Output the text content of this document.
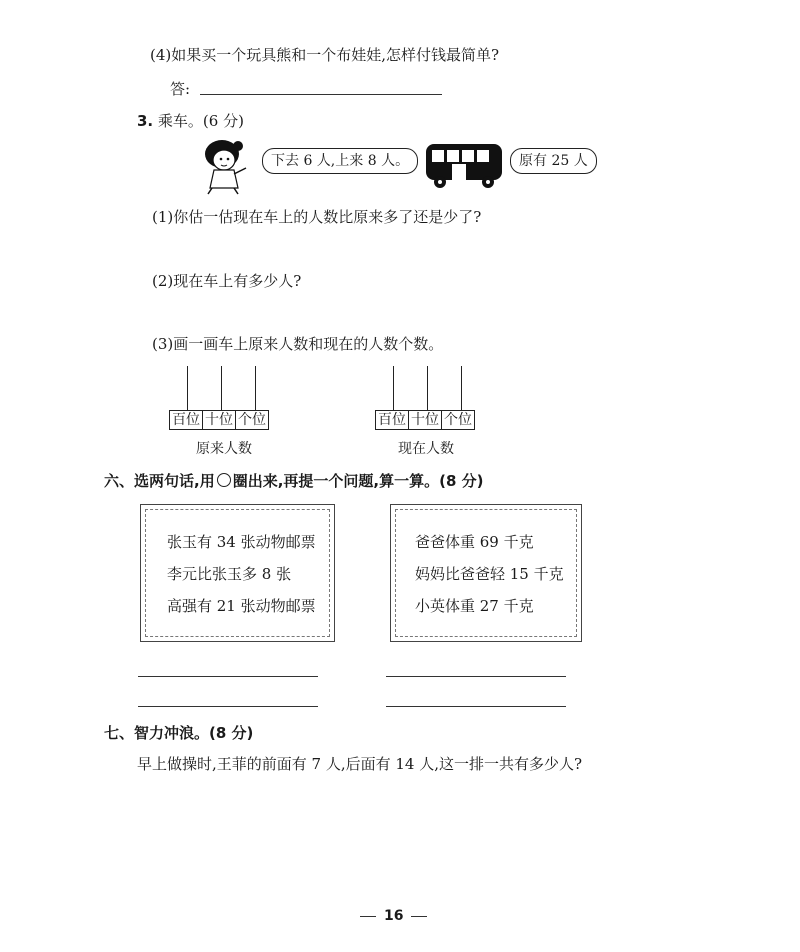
(4)如果买一个玩具熊和一个布娃娃,怎样付钱最简单?
答:
3. 乘车。(6 分)
下去 6 人,上来 8 人。	原有 25 人
(1)你估一估现在车上的人数比原来多了还是少了?
(2)现在车上有多少人?
(3)画一画车上原来人数和现在的人数个数。
百位 十位 个位
原来人数
百位 十位 个位
现在人数
六、选两句话,用 圈出来,再提一个问题,算一算。(8 分)
张玉有 34 张动物邮票
李元比张玉多 8 张
高强有 21 张动物邮票
爸爸体重 69 千克
妈妈比爸爸轻 15 千克
小英体重 27 千克
七、智力冲浪。(8 分)
早上做操时,王菲的前面有 7 人,后面有 14 人,这一排一共有多少人?
16
